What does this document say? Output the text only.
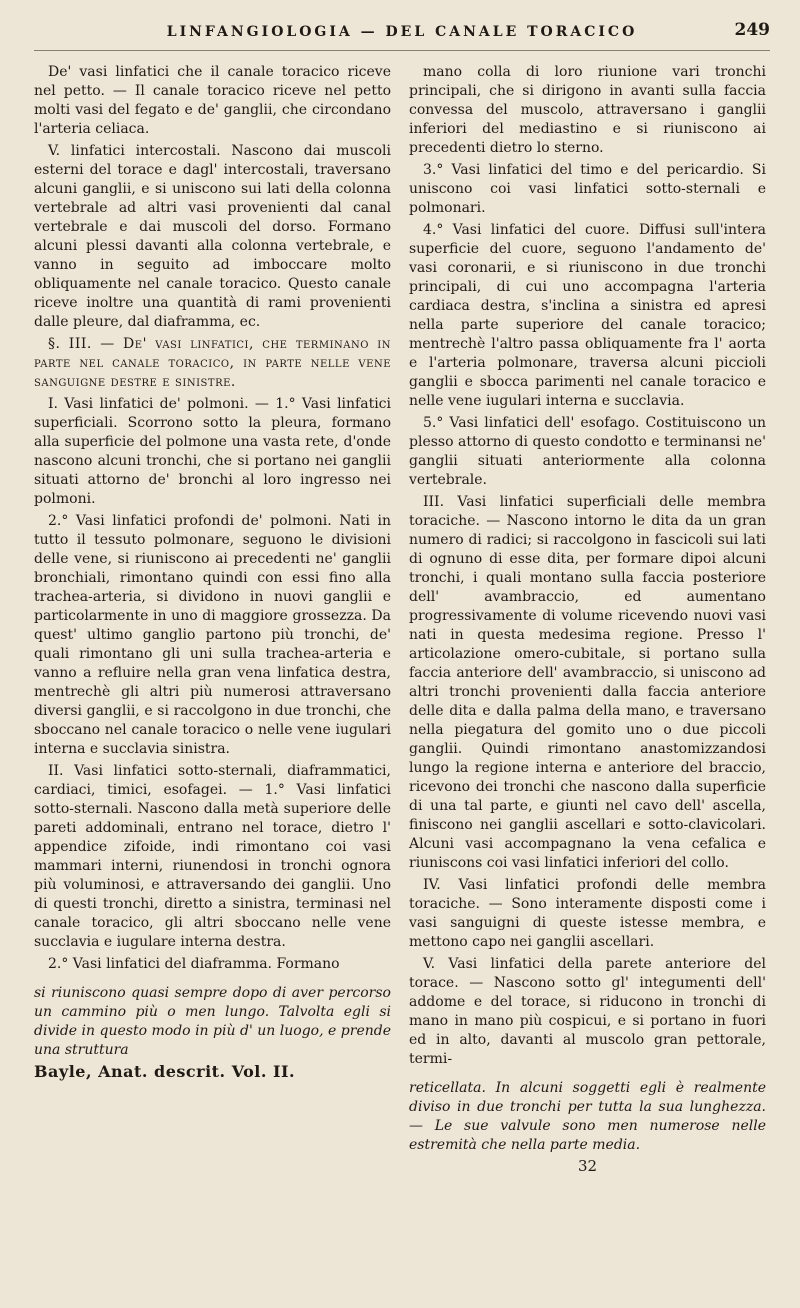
LINFANGIOLOGIA — DEL CANALE TORACICO	249

De' vasi linfatici che il canale toracico riceve nel petto. — Il canale toracico riceve nel petto molti vasi del fegato e de' ganglii, che circondano l'arteria celiaca.

V. linfatici intercostali. Nascono dai muscoli esterni del torace e dagl' intercostali, traversano alcuni ganglii, e si uniscono sui lati della colonna vertebrale ad altri vasi provenienti dal canal vertebrale e dai muscoli del dorso. Formano alcuni plessi davanti alla colonna vertebrale, e vanno in seguito ad imboccare molto obliquamente nel canale toracico. Questo canale riceve inoltre una quantità di rami provenienti dalle pleure, dal diaframma, ec.

§. III. — De' vasi linfatici, che terminano in parte nel canale toracico, in parte nelle vene sanguigne destre e sinistre.

I. Vasi linfatici de' polmoni. — 1.° Vasi linfatici superficiali. Scorrono sotto la pleura, formano alla superficie del polmone una vasta rete, d'onde nascono alcuni tronchi, che si portano nei ganglii situati attorno de' bronchi al loro ingresso nei polmoni.

2.° Vasi linfatici profondi de' polmoni. Nati in tutto il tessuto polmonare, seguono le divisioni delle vene, si riuniscono ai precedenti ne' ganglii bronchiali, rimontano quindi con essi fino alla trachea-arteria, si dividono in nuovi ganglii e particolarmente in uno di maggiore grossezza. Da quest' ultimo ganglio partono più tronchi, de' quali rimontano gli uni sulla trachea-arteria e vanno a refluire nella gran vena linfatica destra, mentrechè gli altri più numerosi attraversano diversi ganglii, e si raccolgono in due tronchi, che sboccano nel canale toracico o nelle vene iugulari interna e succlavia sinistra.

II. Vasi linfatici sotto-sternali, diaframmatici, cardiaci, timici, esofagei. — 1.° Vasi linfatici sotto-sternali. Nascono dalla metà superiore delle pareti addominali, entrano nel torace, dietro l' appendice zifoide, indi rimontano coi vasi mammari interni, riunendosi in tronchi ognora più voluminosi, e attraversando dei ganglii. Uno di questi tronchi, diretto a sinistra, terminasi nel canale toracico, gli altri sboccano nelle vene succlavia e iugulare interna destra.

2.° Vasi linfatici del diaframma. Formano

si riuniscono quasi sempre dopo di aver percorso un cammino più o men lungo. Talvolta egli si divide in questo modo in più d' un luogo, e prende una struttura
Bayle, Anat. descrit. Vol. II.

mano colla di loro riunione vari tronchi principali, che si dirigono in avanti sulla faccia convessa del muscolo, attraversano i ganglii inferiori del mediastino e si riuniscono ai precedenti dietro lo sterno.

3.° Vasi linfatici del timo e del pericardio. Si uniscono coi vasi linfatici sotto-sternali e polmonari.

4.° Vasi linfatici del cuore. Diffusi sull'intera superficie del cuore, seguono l'andamento de' vasi coronarii, e si riuniscono in due tronchi principali, di cui uno accompagna l'arteria cardiaca destra, s'inclina a sinistra ed apresi nella parte superiore del canale toracico; mentrechè l'altro passa obliquamente fra l' aorta e l'arteria polmonare, traversa alcuni piccioli ganglii e sbocca parimenti nel canale toracico e nelle vene iugulari interna e succlavia.

5.° Vasi linfatici dell' esofago. Costituiscono un plesso attorno di questo condotto e terminansi ne' ganglii situati anteriormente alla colonna vertebrale.

III. Vasi linfatici superficiali delle membra toraciche. — Nascono intorno le dita da un gran numero di radici; si raccolgono in fascicoli sui lati di ognuno di esse dita, per formare dipoi alcuni tronchi, i quali montano sulla faccia posteriore dell' avambraccio, ed aumentano progressivamente di volume ricevendo nuovi vasi nati in questa medesima regione. Presso l' articolazione omero-cubitale, si portano sulla faccia anteriore dell' avambraccio, si uniscono ad altri tronchi provenienti dalla faccia anteriore delle dita e dalla palma della mano, e traversano nella piegatura del gomito uno o due piccoli ganglii. Quindi rimontano anastomizzandosi lungo la regione interna e anteriore del braccio, ricevono dei tronchi che nascono dalla superficie di una tal parte, e giunti nel cavo dell' ascella, finiscono nei ganglii ascellari e sotto-clavicolari. Alcuni vasi accompagnano la vena cefalica e riuniscons coi vasi linfatici inferiori del collo.

IV. Vasi linfatici profondi delle membra toraciche. — Sono interamente disposti come i vasi sanguigni di queste istesse membra, e mettono capo nei ganglii ascellari.

V. Vasi linfatici della parete anteriore del torace. — Nascono sotto gl' integumenti dell' addome e del torace, si riducono in tronchi di mano in mano più cospicui, e si portano in fuori ed in alto, davanti al muscolo gran pettorale, termi-

reticellata. In alcuni soggetti egli è realmente diviso in due tronchi per tutta la sua lunghezza. — Le sue valvule sono men numerose nelle estremità che nella parte media.
32
